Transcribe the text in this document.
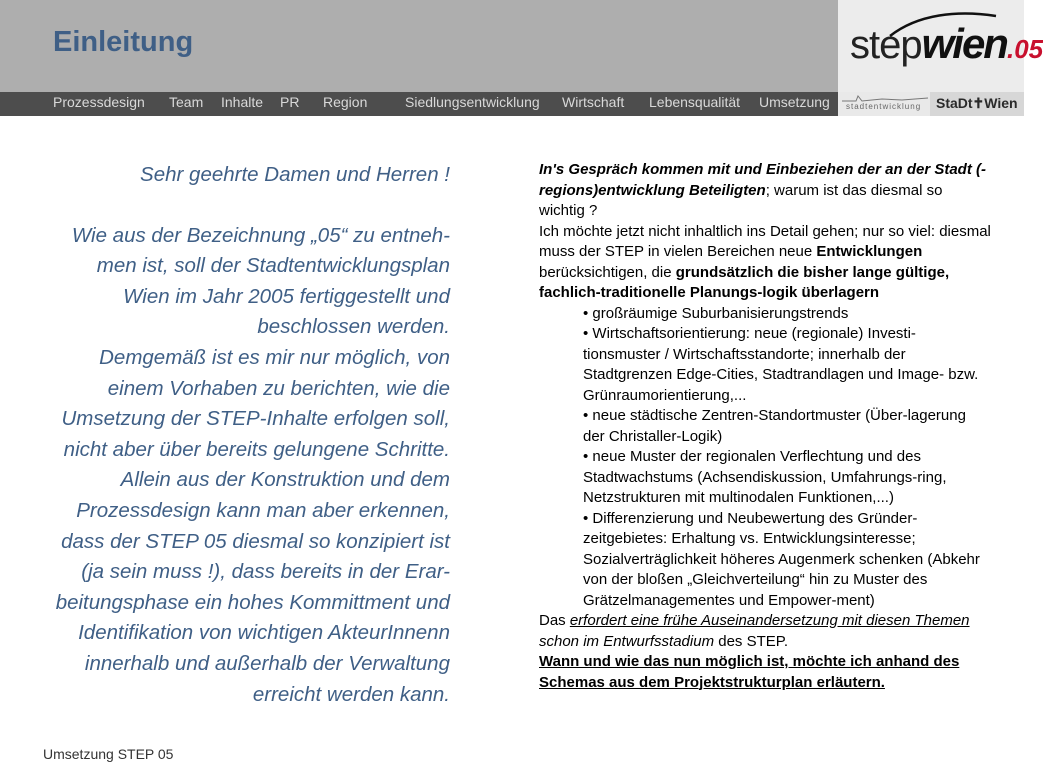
Einleitung	stepwien.05
Prozessdesign Team Inhalte PR Region	Siedlungsentwicklung Wirtschaft Lebensqualität Umsetzung stadtentwicklung StaDt✝Wien

Sehr geehrte Damen und Herren !

Wie aus der Bezeichnung „05“ zu entneh-

men ist, soll der Stadtentwicklungsplan

Wien im Jahr 2005 fertiggestellt und

beschlossen werden.

Demgemäß ist es mir nur möglich, von

einem Vorhaben zu berichten, wie die

Umsetzung der STEP-Inhalte erfolgen soll,

nicht aber über bereits gelungene Schritte.

Allein aus der Konstruktion und dem

Prozessdesign kann man aber erkennen,

dass der STEP 05 diesmal so konzipiert ist

(ja sein muss !), dass bereits in der Erar-

beitungsphase ein hohes Kommittment und

Identifikation von wichtigen AkteurInnenn

innerhalb und außerhalb der Verwaltung

erreicht werden kann.

In's Gespräch kommen mit und Einbeziehen der an der Stadt (-regions)entwicklung Beteiligten; warum ist das diesmal so wichtig ?

Ich möchte jetzt nicht inhaltlich ins Detail gehen; nur so viel: diesmal muss der STEP in vielen Bereichen neue Entwicklungen berücksichtigen, die grundsätzlich die bisher lange gültige, fachlich-traditionelle Planungs-logik überlagern

• großräumige Suburbanisierungstrends

• Wirtschaftsorientierung: neue (regionale) Investi-tionsmuster / Wirtschaftsstandorte; innerhalb der Stadtgrenzen Edge-Cities, Stadtrandlagen und Image- bzw. Grünraumorientierung,...

• neue städtische Zentren-Standortmuster (Über-lagerung der Christaller-Logik)

• neue Muster der regionalen Verflechtung und des Stadtwachstums (Achsendiskussion, Umfahrungs-ring, Netzstrukturen mit multinodalen Funktionen,...)

• Differenzierung und Neubewertung des Gründer-zeitgebietes: Erhaltung vs. Entwicklungsinteresse; Sozialverträglichkeit höheres Augenmerk schenken (Abkehr von der bloßen „Gleichverteilung“ hin zu Muster des Grätzelmanagementes und Empower-ment)

Das erfordert eine frühe Auseinandersetzung mit diesen Themen schon im Entwurfsstadium des STEP.

Wann und wie das nun möglich ist, möchte ich anhand des Schemas aus dem Projektstrukturplan erläutern.

Umsetzung STEP 05
